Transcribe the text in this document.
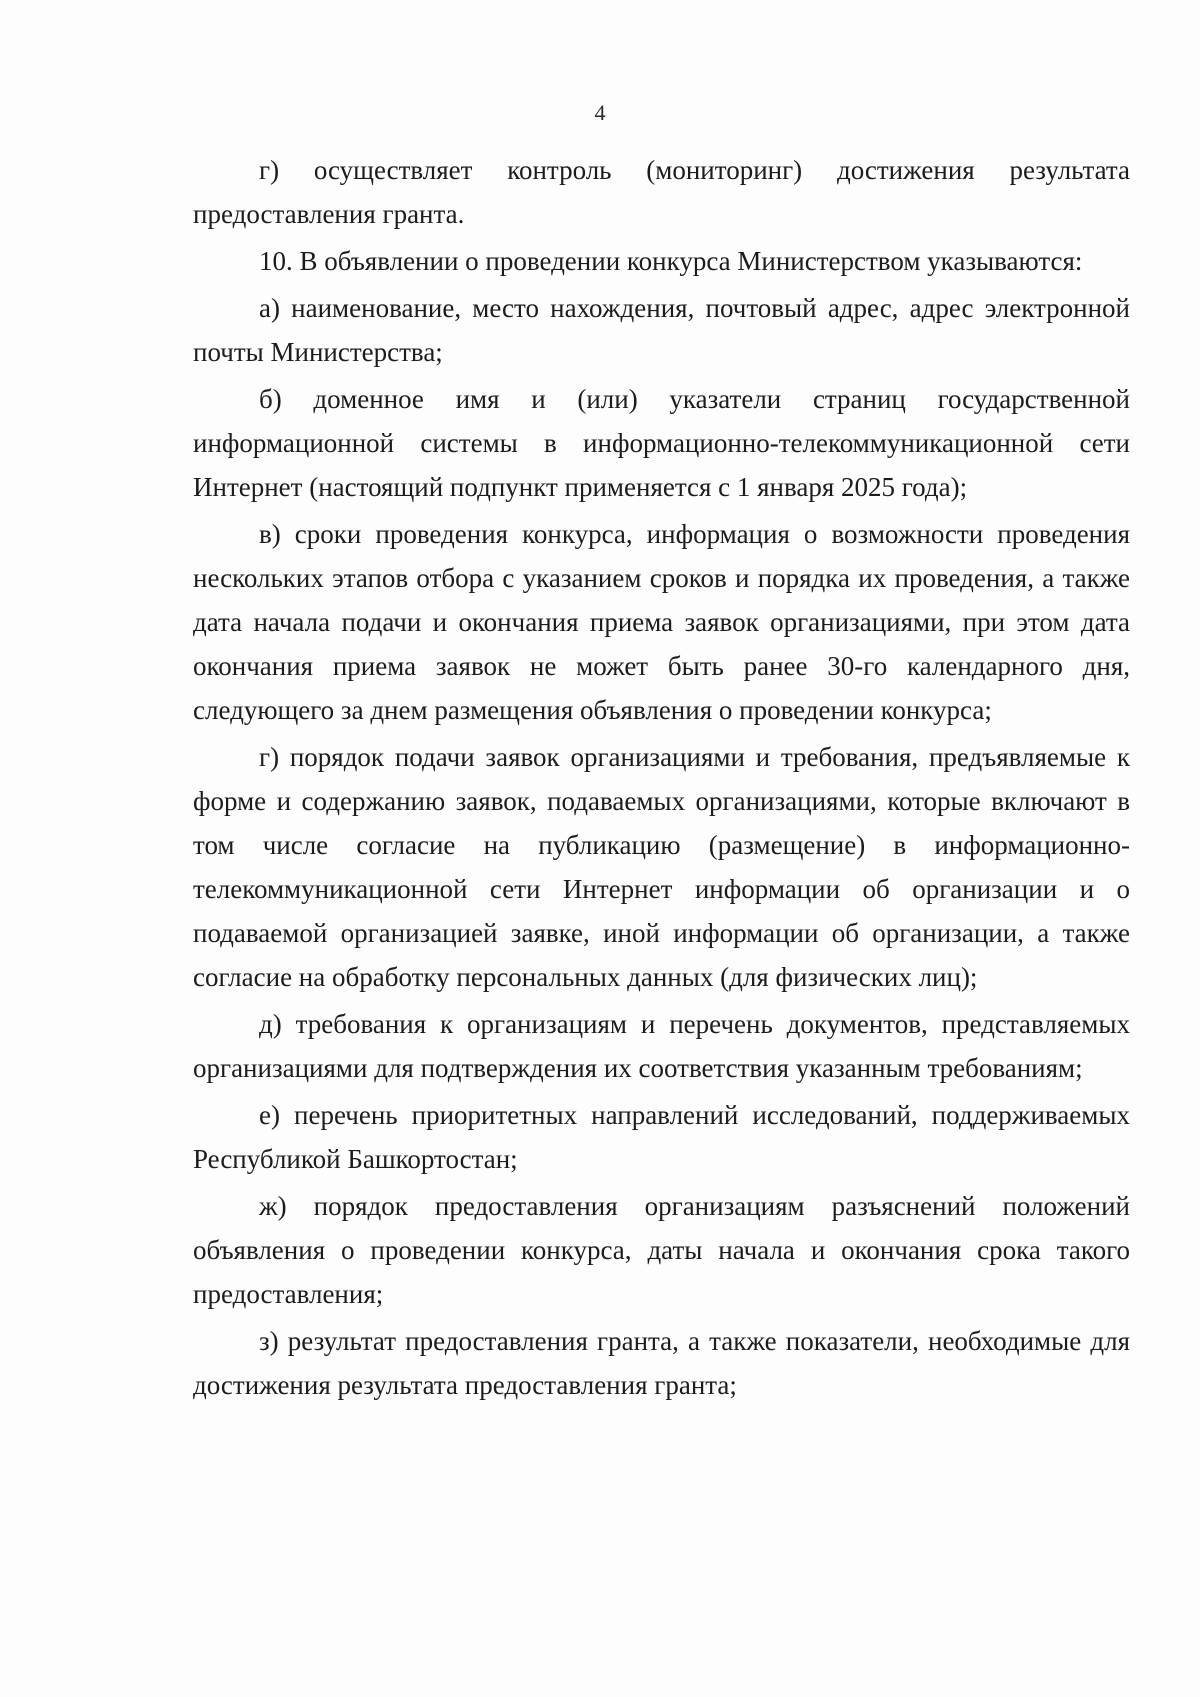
4

г) осуществляет контроль (мониторинг) достижения результата предоставления гранта.

10. В объявлении о проведении конкурса Министерством указываются:

а) наименование, место нахождения, почтовый адрес, адрес электронной почты Министерства;

б) доменное имя и (или) указатели страниц государственной информационной системы в информационно-телекоммуникационной сети Интернет (настоящий подпункт применяется с 1 января 2025 года);

в) сроки проведения конкурса, информация о возможности проведения нескольких этапов отбора с указанием сроков и порядка их проведения, а также дата начала подачи и окончания приема заявок организациями, при этом дата окончания приема заявок не может быть ранее 30-го календарного дня, следующего за днем размещения объявления о проведении конкурса;

г) порядок подачи заявок организациями и требования, предъявляемые к форме и содержанию заявок, подаваемых организациями, которые включают в том числе согласие на публикацию (размещение) в информационно-телекоммуникационной сети Интернет информации об организации и о подаваемой организацией заявке, иной информации об организации, а также согласие на обработку персональных данных (для физических лиц);

д) требования к организациям и перечень документов, представляемых организациями для подтверждения их соответствия указанным требованиям;

е) перечень приоритетных направлений исследований, поддерживаемых Республикой Башкортостан;

ж) порядок предоставления организациям разъяснений положений объявления о проведении конкурса, даты начала и окончания срока такого предоставления;

з) результат предоставления гранта, а также показатели, необходимые для достижения результата предоставления гранта;
